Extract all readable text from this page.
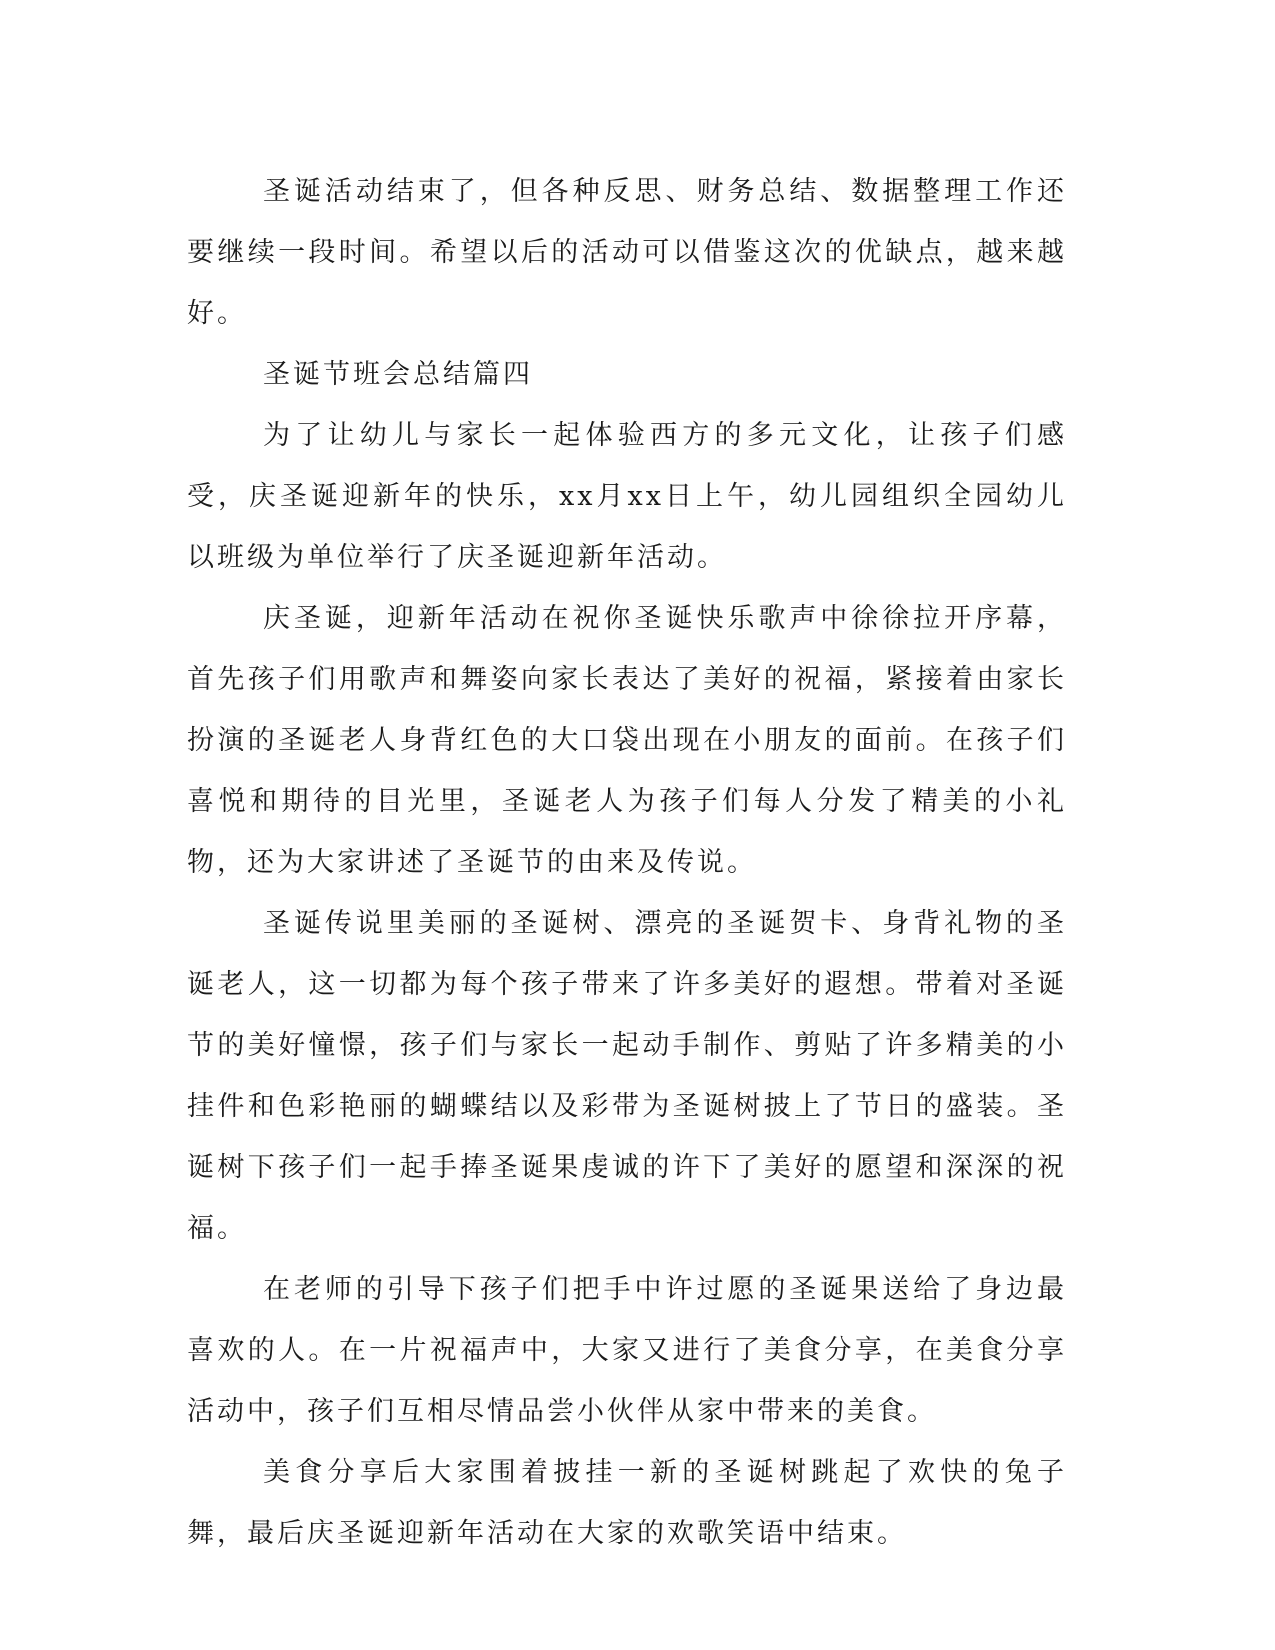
圣诞活动结束了，但各种反思、财务总结、数据整理工作还要继续一段时间。希望以后的活动可以借鉴这次的优缺点，越来越好。

圣诞节班会总结篇四

为了让幼儿与家长一起体验西方的多元文化，让孩子们感受，庆圣诞迎新年的快乐，xx月xx日上午，幼儿园组织全园幼儿以班级为单位举行了庆圣诞迎新年活动。

庆圣诞，迎新年活动在祝你圣诞快乐歌声中徐徐拉开序幕，首先孩子们用歌声和舞姿向家长表达了美好的祝福，紧接着由家长扮演的圣诞老人身背红色的大口袋出现在小朋友的面前。在孩子们喜悦和期待的目光里，圣诞老人为孩子们每人分发了精美的小礼物，还为大家讲述了圣诞节的由来及传说。

圣诞传说里美丽的圣诞树、漂亮的圣诞贺卡、身背礼物的圣诞老人，这一切都为每个孩子带来了许多美好的遐想。带着对圣诞节的美好憧憬，孩子们与家长一起动手制作、剪贴了许多精美的小挂件和色彩艳丽的蝴蝶结以及彩带为圣诞树披上了节日的盛装。圣诞树下孩子们一起手捧圣诞果虔诚的许下了美好的愿望和深深的祝福。

在老师的引导下孩子们把手中许过愿的圣诞果送给了身边最喜欢的人。在一片祝福声中，大家又进行了美食分享，在美食分享活动中，孩子们互相尽情品尝小伙伴从家中带来的美食。

美食分享后大家围着披挂一新的圣诞树跳起了欢快的兔子舞，最后庆圣诞迎新年活动在大家的欢歌笑语中结束。
